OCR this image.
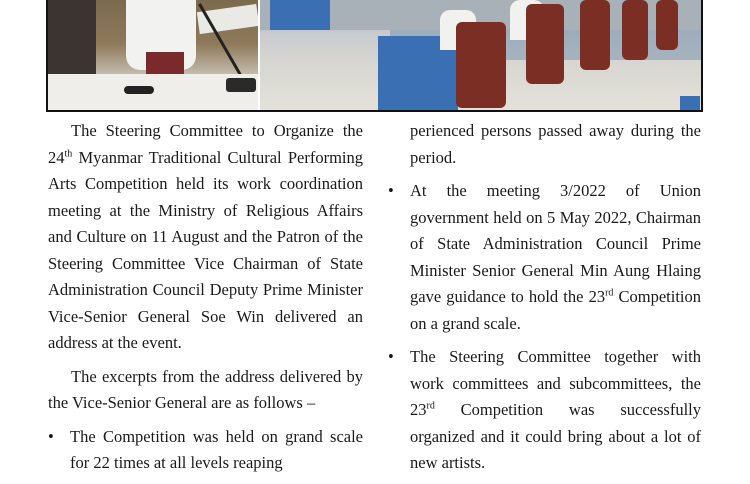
The Steering Committee to Organize the 24th Myanmar Traditional Cultural Performing Arts Competition held its work coordination meeting at the Ministry of Religious Affairs and Culture on 11 August and the Patron of the Steering Committee Vice Chairman of State Administration Council Deputy Prime Minister Vice-Senior General Soe Win delivered an address at the event.

The excerpts from the address delivered by the Vice-Senior General are as follows –

• The Competition was held on grand scale for 22 times at all levels reaping

perienced persons passed away during the period.

• At the meeting 3/2022 of Union government held on 5 May 2022, Chairman of State Administration Council Prime Minister Senior General Min Aung Hlaing gave guidance to hold the 23rd Competition on a grand scale.
• The Steering Committee together with work committees and subcommittees, the 23rd Competition was successfully organized and it could bring about a lot of new artists.
